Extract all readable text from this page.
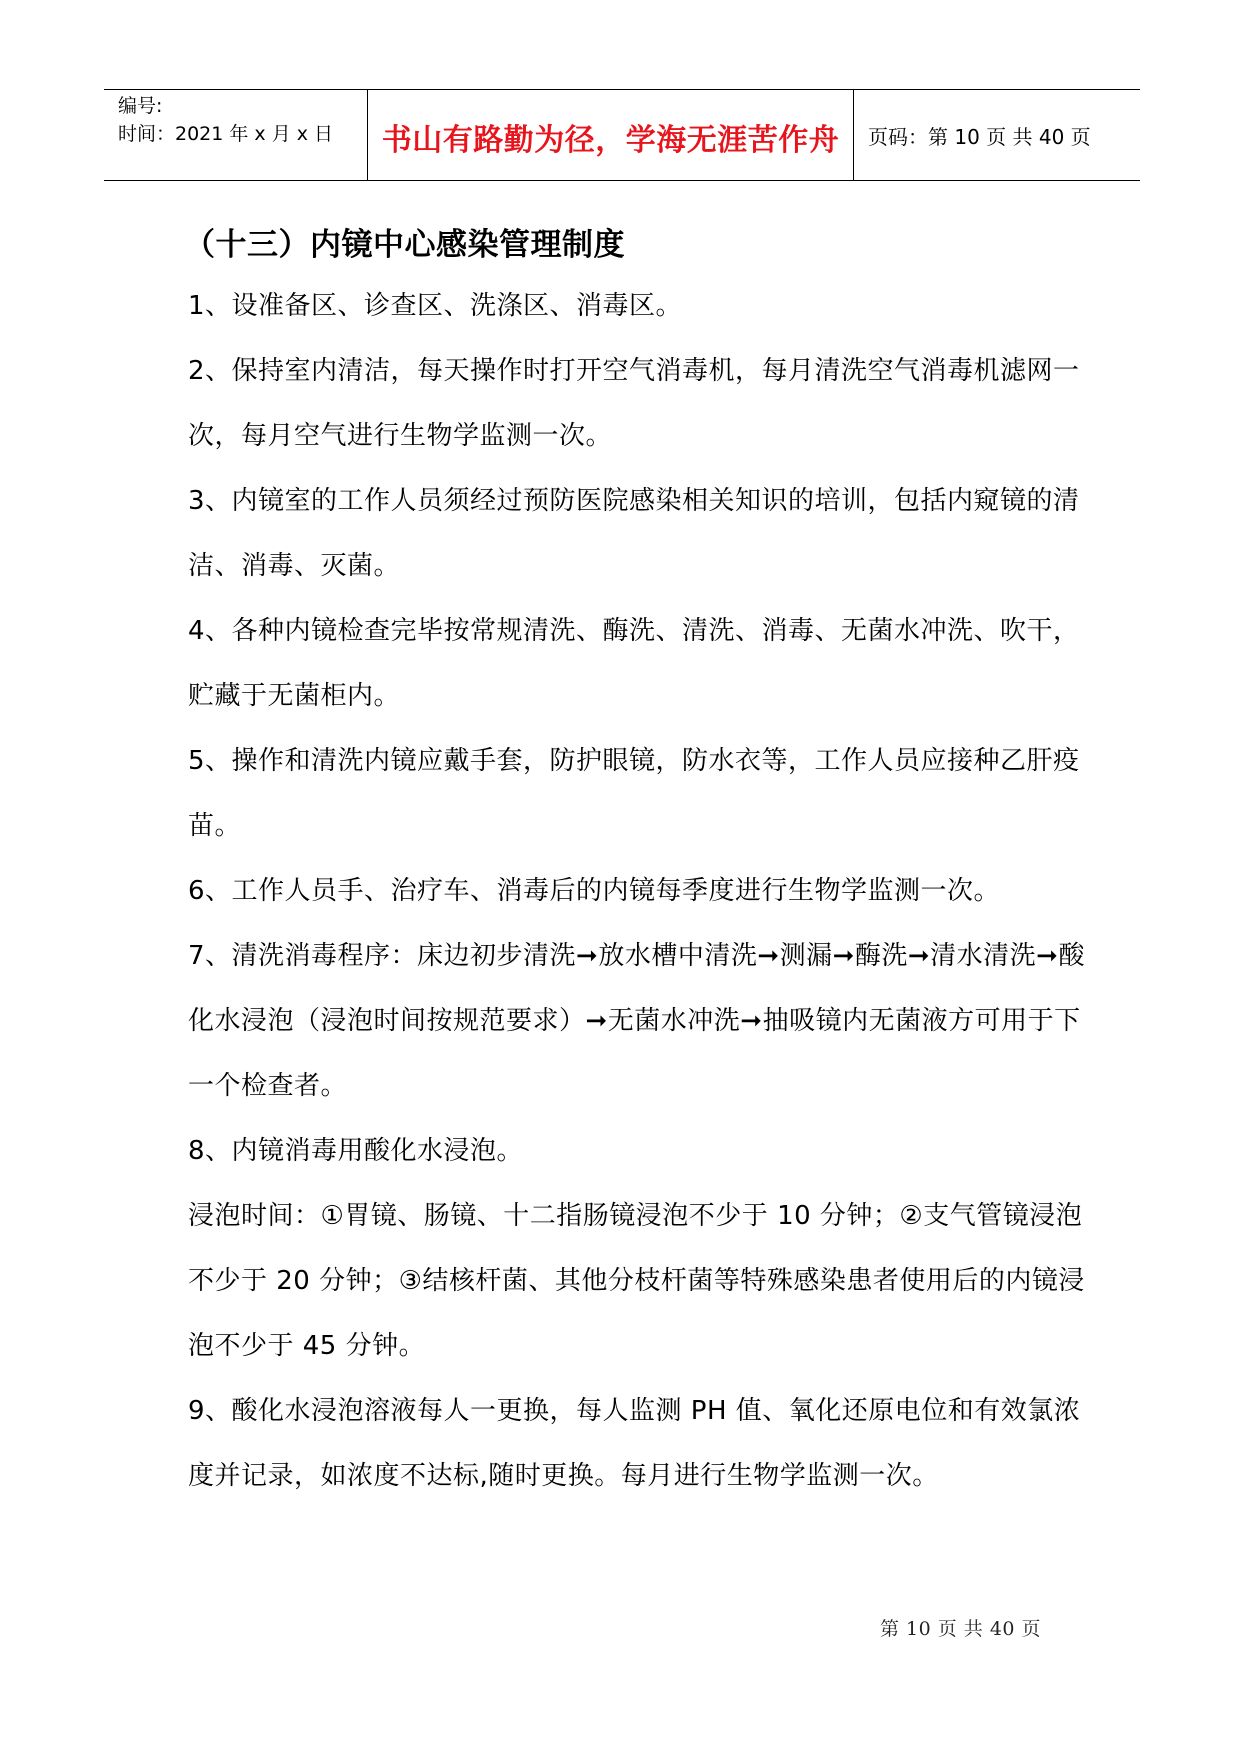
编号:
时间：2021 年 x 月 x 日	书山有路勤为径，学海无涯苦作舟 页码：第 10 页 共 40 页
（十三）内镜中心感染管理制度

1、设准备区、诊查区、洗涤区、消毒区。

2、保持室内清洁，每天操作时打开空气消毒机，每月清洗空气消毒机滤网一次，每月空气进行生物学监测一次。

3、内镜室的工作人员须经过预防医院感染相关知识的培训，包括内窥镜的清洁、消毒、灭菌。

4、各种内镜检查完毕按常规清洗、酶洗、清洗、消毒、无菌水冲洗、吹干，贮藏于无菌柜内。

5、操作和清洗内镜应戴手套，防护眼镜，防水衣等，工作人员应接种乙肝疫苗。

6、工作人员手、治疗车、消毒后的内镜每季度进行生物学监测一次。

7、清洗消毒程序：床边初步清洗➞放水槽中清洗➞测漏➞酶洗➞清水清洗➞酸化水浸泡（浸泡时间按规范要求）➞无菌水冲洗➞抽吸镜内无菌液方可用于下一个检查者。

8、内镜消毒用酸化水浸泡。

浸泡时间：①胃镜、肠镜、十二指肠镜浸泡不少于 10 分钟；②支气管镜浸泡不少于 20 分钟；③结核杆菌、其他分枝杆菌等特殊感染患者使用后的内镜浸泡不少于 45 分钟。

9、酸化水浸泡溶液每人一更换，每人监测 PH 值、氧化还原电位和有效氯浓度并记录，如浓度不达标,随时更换。每月进行生物学监测一次。

第 10 页 共 40 页
